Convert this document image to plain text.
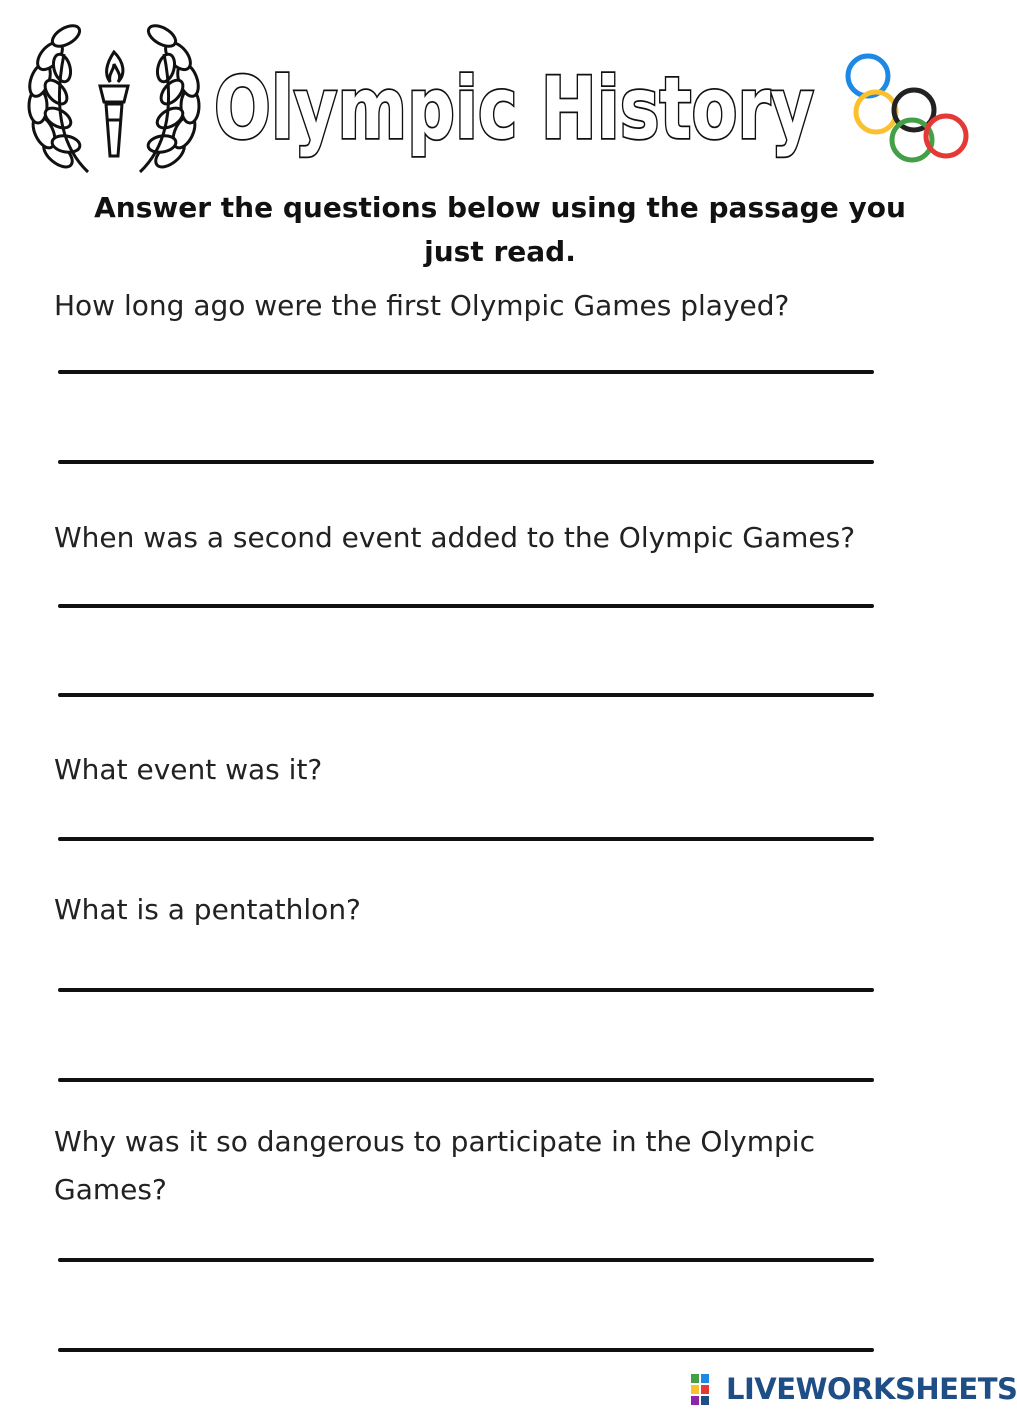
Olympic History
Answer the questions below using the passage you just read.
How long ago were the first Olympic Games played?
When was a second event added to the Olympic Games?
What event was it?
What is a pentathlon?
Why was it so dangerous to participate in the Olympic Games?
LIVEWORKSHEETS
